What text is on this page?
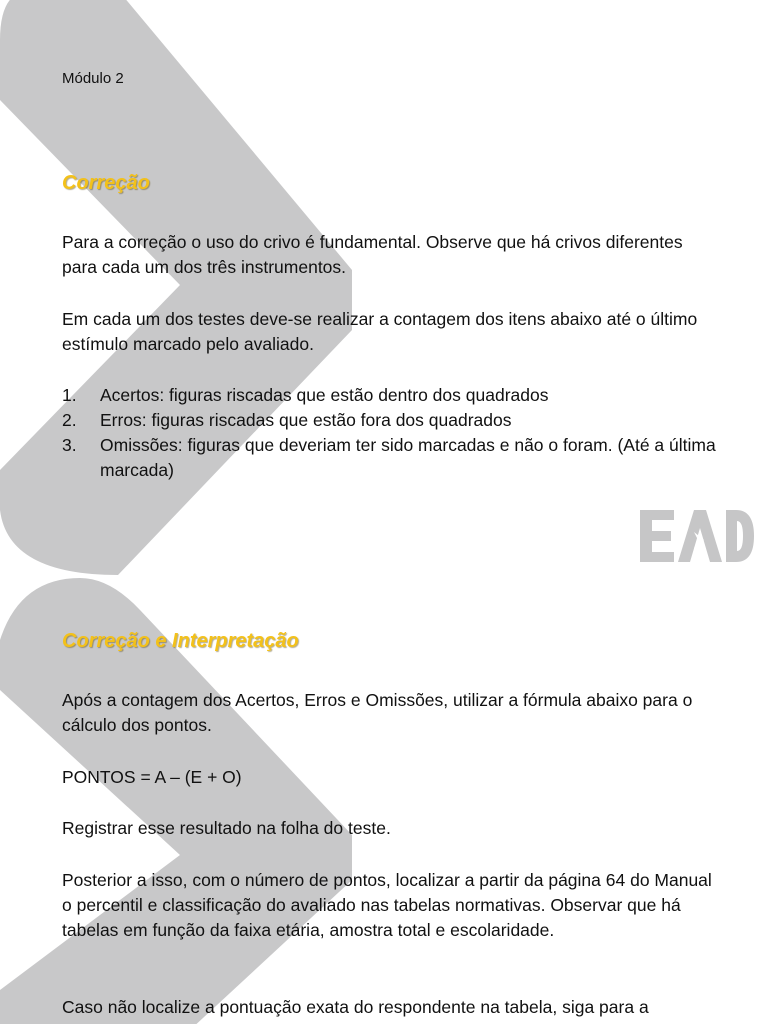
Módulo 2

Correção

Para a correção o uso do crivo é fundamental. Observe que há crivos diferentes para cada um dos três instrumentos.

Em cada um dos testes deve-se realizar a contagem dos itens abaixo até o último estímulo marcado pelo avaliado.

1. Acertos: figuras riscadas que estão dentro dos quadrados
2. Erros: figuras riscadas que estão fora dos quadrados
3. Omissões: figuras que deveriam ter sido marcadas e não o foram. (Até a última marcada)
Correção e Interpretação

Após a contagem dos Acertos, Erros e Omissões, utilizar a fórmula abaixo para o cálculo dos pontos.

PONTOS = A – (E + O)

Registrar esse resultado na folha do teste.

Posterior a isso, com o número de pontos, localizar a partir da página 64 do Manual o percentil e classificação do avaliado nas tabelas normativas. Observar que há tabelas em função da faixa etária, amostra total e escolaridade.

Caso não localize a pontuação exata do respondente na tabela, siga para a
